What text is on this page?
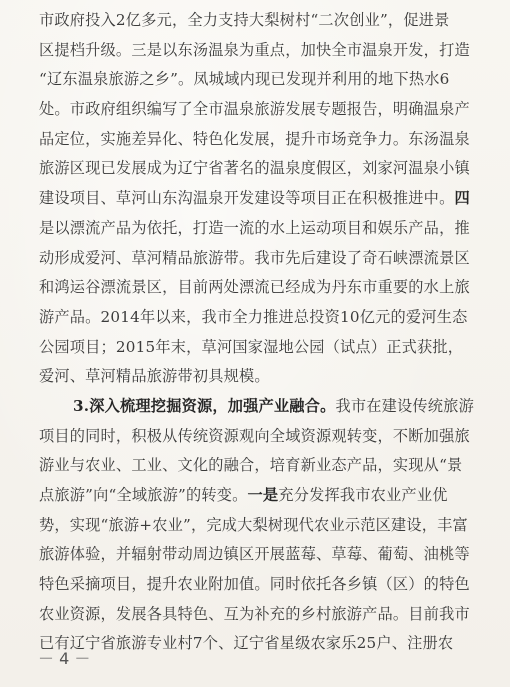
市政府投入2亿多元，全力支持大梨树村“二次创业”，促进景
区提档升级。三是以东汤温泉为重点，加快全市温泉开发，打造
“辽东温泉旅游之乡”。凤城域内现已发现并利用的地下热水6
处。市政府组织编写了全市温泉旅游发展专题报告，明确温泉产
品定位，实施差异化、特色化发展，提升市场竞争力。东汤温泉
旅游区现已发展成为辽宁省著名的温泉度假区，刘家河温泉小镇
建设项目、草河山东沟温泉开发建设等项目正在积极推进中。四
是以漂流产品为依托，打造一流的水上运动项目和娱乐产品，推
动形成爱河、草河精品旅游带。我市先后建设了奇石峡漂流景区
和鸿运谷漂流景区，目前两处漂流已经成为丹东市重要的水上旅
游产品。2014年以来，我市全力推进总投资10亿元的爱河生态
公园项目；2015年末，草河国家湿地公园（试点）正式获批，
爱河、草河精品旅游带初具规模。
3.深入梳理挖掘资源，加强产业融合。我市在建设传统旅游
项目的同时，积极从传统资源观向全域资源观转变，不断加强旅
游业与农业、工业、文化的融合，培育新业态产品，实现从“景
点旅游”向“全域旅游”的转变。一是充分发挥我市农业产业优
势，实现“旅游+农业”，完成大梨树现代农业示范区建设，丰富
旅游体验，并辐射带动周边镇区开展蓝莓、草莓、葡萄、油桃等
特色采摘项目，提升农业附加值。同时依托各乡镇（区）的特色
农业资源，发展各具特色、互为补充的乡村旅游产品。目前我市
已有辽宁省旅游专业村7个、辽宁省星级农家乐25户、注册农
－ 4 －
